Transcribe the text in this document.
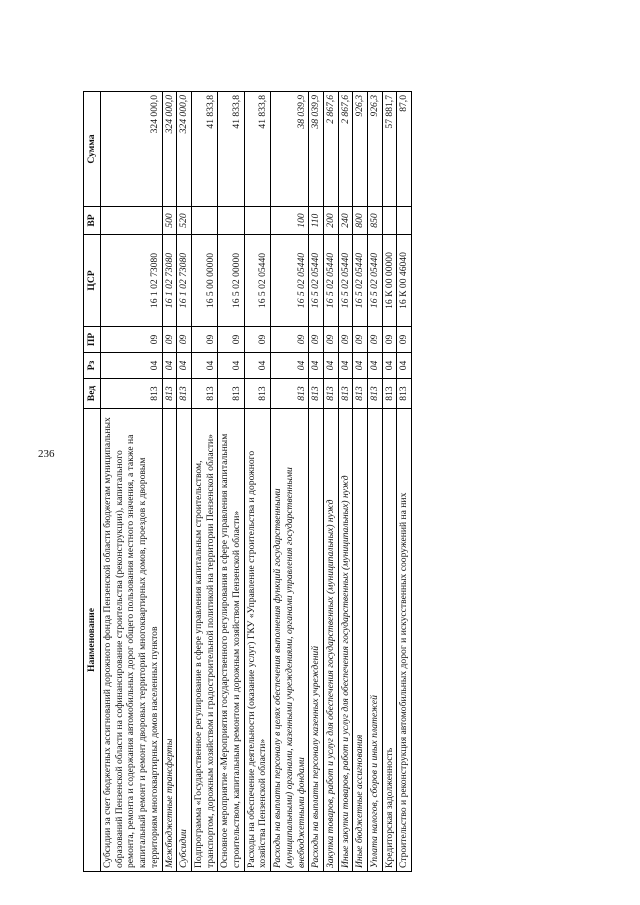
236
Наименование	Вед	Рз	ПР	ЦСР	ВР	Сумма
Субсидии за счет бюджетных ассигнований дорожного фонда Пензенской области бюджетам муниципальных образований Пензенской области на софинансирование строительства (реконструкции), капитального ремонта, ремонта и содержания автомобильных дорог общего пользования местного значения, а также на капитальный ремонт и ремонт дворовых территорий многоквартирных домов, проездов к дворовым территориям многоквартирных домов населенных пунктов	813	04	09	16 1 02 73080		324 000,0
Межбюджетные трансферты	813	04	09	16 1 02 73080	500	324 000,0
Субсидии	813	04	09	16 1 02 73080	520	324 000,0
Подпрограмма «Государственное регулирование в сфере управления капитальным строительством, транспортом, дорожным хозяйством и градостроительной политикой на территории Пензенской области»	813	04	09	16 5 00 00000		41 833,8
Основное мероприятие «Мероприятия государственного регулирования в сфере управления капитальным строительством, капитальным ремонтом и дорожным хозяйством Пензенской области»	813	04	09	16 5 02 00000		41 833,8
Расходы на обеспечение деятельности (оказание услуг) ГКУ «Управление строительства и дорожного хозяйства Пензенской области»	813	04	09	16 5 02 05440		41 833,8
Расходы на выплаты персоналу в целях обеспечения выполнения функций государственными (муниципальными) органами, казенными учреждениями, органами управления государственными внебюджетными фондами	813	04	09	16 5 02 05440	100	38 039,9
Расходы на выплаты персоналу казенных учреждений	813	04	09	16 5 02 05440	110	38 039,9
Закупка товаров, работ и услуг для обеспечения государственных (муниципальных) нужд	813	04	09	16 5 02 05440	200	2 867,6
Иные закупки товаров, работ и услуг для обеспечения государственных (муниципальных) нужд	813	04	09	16 5 02 05440	240	2 867,6
Иные бюджетные ассигнования	813	04	09	16 5 02 05440	800	926,3
Уплата налогов, сборов и иных платежей	813	04	09	16 5 02 05440	850	926,3
Кредиторская задолженность	813	04	09	16 К 00 00000		57 881,7
Строительство и реконструкция автомобильных дорог и искусственных сооружений на них	813	04	09	16 К 00 46040		87,0
